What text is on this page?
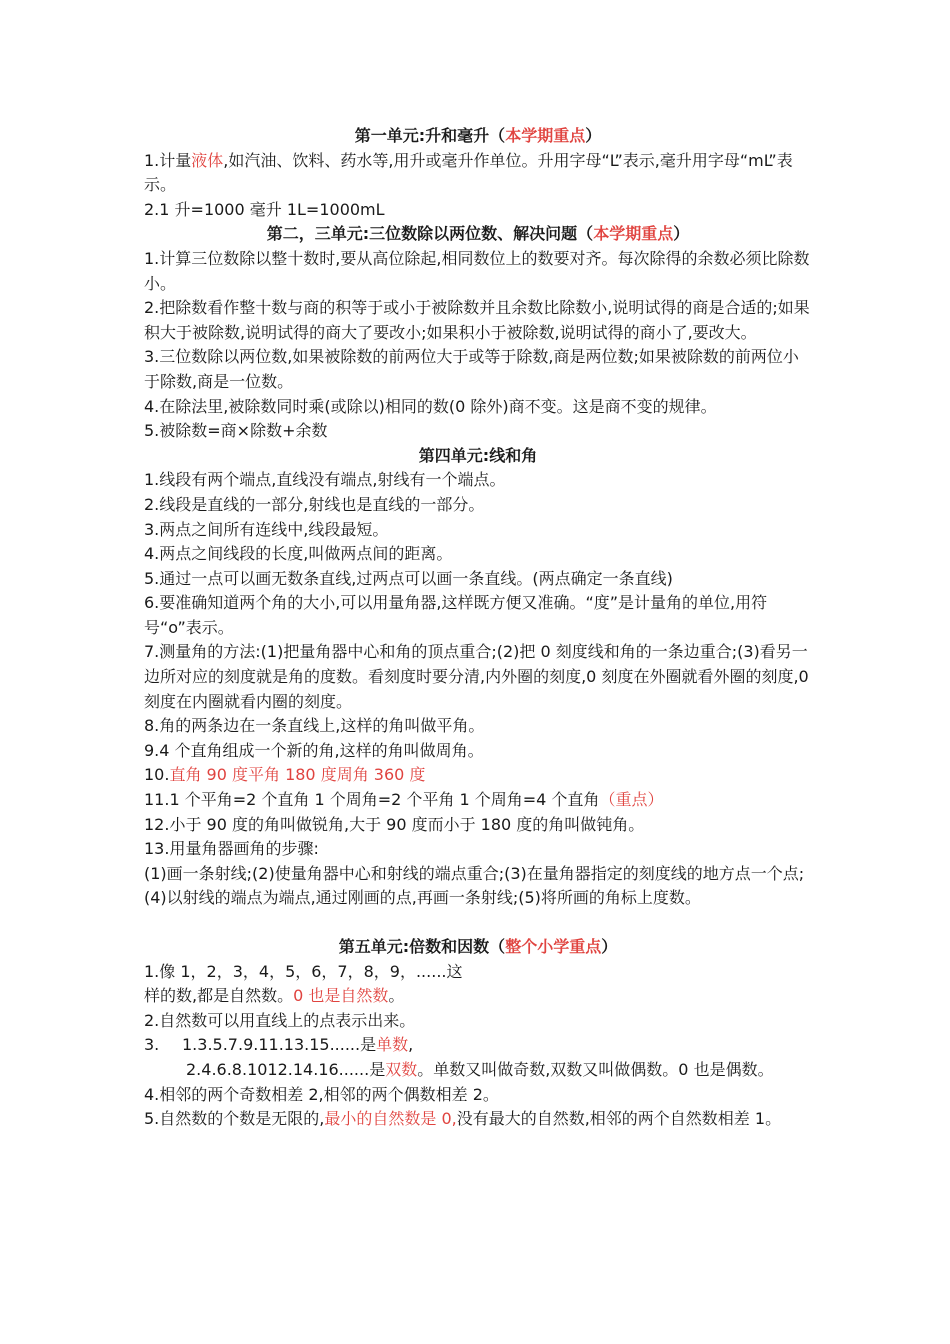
第一单元:升和毫升（本学期重点）
1.计量液体,如汽油、饮料、药水等,用升或毫升作单位。升用字母“L”表示,毫升用字母“mL”表示。
2.1 升=1000 毫升 1L=1000mL
第二，三单元:三位数除以两位数、解决问题（本学期重点）
1.计算三位数除以整十数时,要从高位除起,相同数位上的数要对齐。每次除得的余数必须比除数小。
2.把除数看作整十数与商的积等于或小于被除数并且余数比除数小,说明试得的商是合适的;如果积大于被除数,说明试得的商大了要改小;如果积小于被除数,说明试得的商小了,要改大。
3.三位数除以两位数,如果被除数的前两位大于或等于除数,商是两位数;如果被除数的前两位小于除数,商是一位数。
4.在除法里,被除数同时乘(或除以)相同的数(0 除外)商不变。这是商不变的规律。
5.被除数=商×除数+余数
第四单元:线和角
1.线段有两个端点,直线没有端点,射线有一个端点。
2.线段是直线的一部分,射线也是直线的一部分。
3.两点之间所有连线中,线段最短。
4.两点之间线段的长度,叫做两点间的距离。
5.通过一点可以画无数条直线,过两点可以画一条直线。(两点确定一条直线)
6.要准确知道两个角的大小,可以用量角器,这样既方便又准确。“度”是计量角的单位,用符号“o”表示。
7.测量角的方法:(1)把量角器中心和角的顶点重合;(2)把 0 刻度线和角的一条边重合;(3)看另一边所对应的刻度就是角的度数。看刻度时要分清,内外圈的刻度,0 刻度在外圈就看外圈的刻度,0 刻度在内圈就看内圈的刻度。
8.角的两条边在一条直线上,这样的角叫做平角。
9.4 个直角组成一个新的角,这样的角叫做周角。
10.直角 90 度平角 180 度周角 360 度
11.1 个平角=2 个直角 1 个周角=2 个平角 1 个周角=4 个直角（重点）
12.小于 90 度的角叫做锐角,大于 90 度而小于 180 度的角叫做钝角。
13.用量角器画角的步骤:
(1)画一条射线;(2)使量角器中心和射线的端点重合;(3)在量角器指定的刻度线的地方点一个点;(4)以射线的端点为端点,通过刚画的点,再画一条射线;(5)将所画的角标上度数。
第五单元:倍数和因数（整个小学重点）
1.像 1，2，3，4，5，6，7，8，9，......这
样的数,都是自然数。0 也是自然数。
2.自然数可以用直线上的点表示出来。
3. 1.3.5.7.9.11.13.15......是单数,
2.4.6.8.1012.14.16......是双数。单数又叫做奇数,双数又叫做偶数。0 也是偶数。
4.相邻的两个奇数相差 2,相邻的两个偶数相差 2。
5.自然数的个数是无限的,最小的自然数是 0,没有最大的自然数,相邻的两个自然数相差 1。
